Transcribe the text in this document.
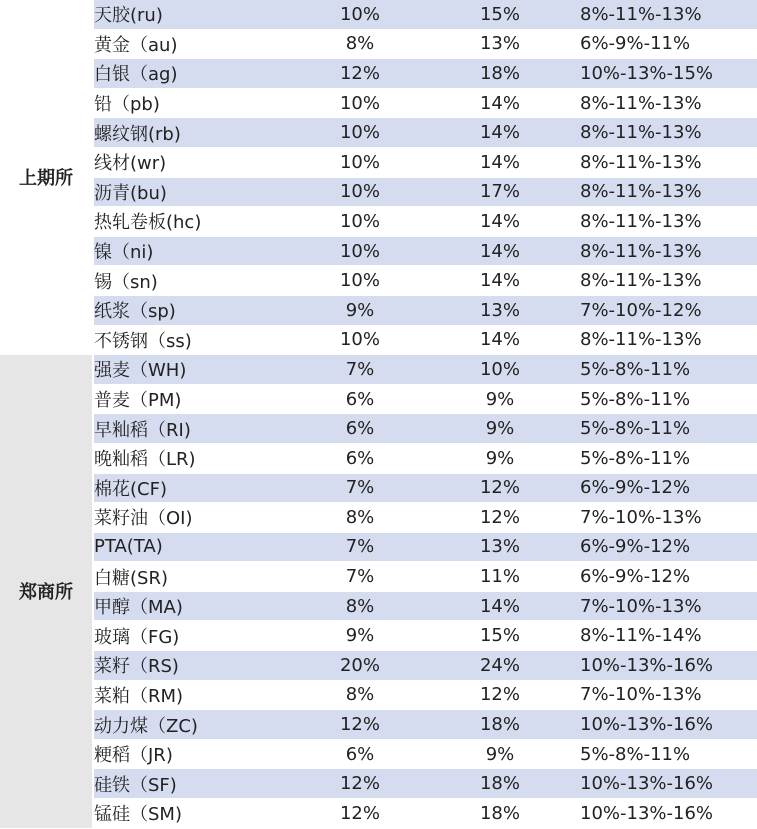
上期所	天胶(ru)	10%	15%	8%-11%-13%
	黄金（au)	8%	13%	6%-9%-11%
	白银（ag)	12%	18%	10%-13%-15%
	铅（pb)	10%	14%	8%-11%-13%
	螺纹钢(rb)	10%	14%	8%-11%-13%
	线材(wr)	10%	14%	8%-11%-13%
	沥青(bu)	10%	17%	8%-11%-13%
	热轧卷板(hc)	10%	14%	8%-11%-13%
	镍（ni)	10%	14%	8%-11%-13%
	锡（sn)	10%	14%	8%-11%-13%
	纸浆（sp)	9%	13%	7%-10%-12%
	不锈钢（ss)	10%	14%	8%-11%-13%
郑商所	强麦（WH)	7%	10%	5%-8%-11%
	普麦（PM)	6%	9%	5%-8%-11%
	早籼稻（RI)	6%	9%	5%-8%-11%
	晚籼稻（LR)	6%	9%	5%-8%-11%
	棉花(CF)	7%	12%	6%-9%-12%
	菜籽油（OI)	8%	12%	7%-10%-13%
	PTA(TA)	7%	13%	6%-9%-12%
	白糖(SR)	7%	11%	6%-9%-12%
	甲醇（MA)	8%	14%	7%-10%-13%
	玻璃（FG)	9%	15%	8%-11%-14%
	菜籽（RS)	20%	24%	10%-13%-16%
	菜粕（RM)	8%	12%	7%-10%-13%
	动力煤（ZC)	12%	18%	10%-13%-16%
	粳稻（JR)	6%	9%	5%-8%-11%
	硅铁（SF)	12%	18%	10%-13%-16%
	锰硅（SM)	12%	18%	10%-13%-16%
